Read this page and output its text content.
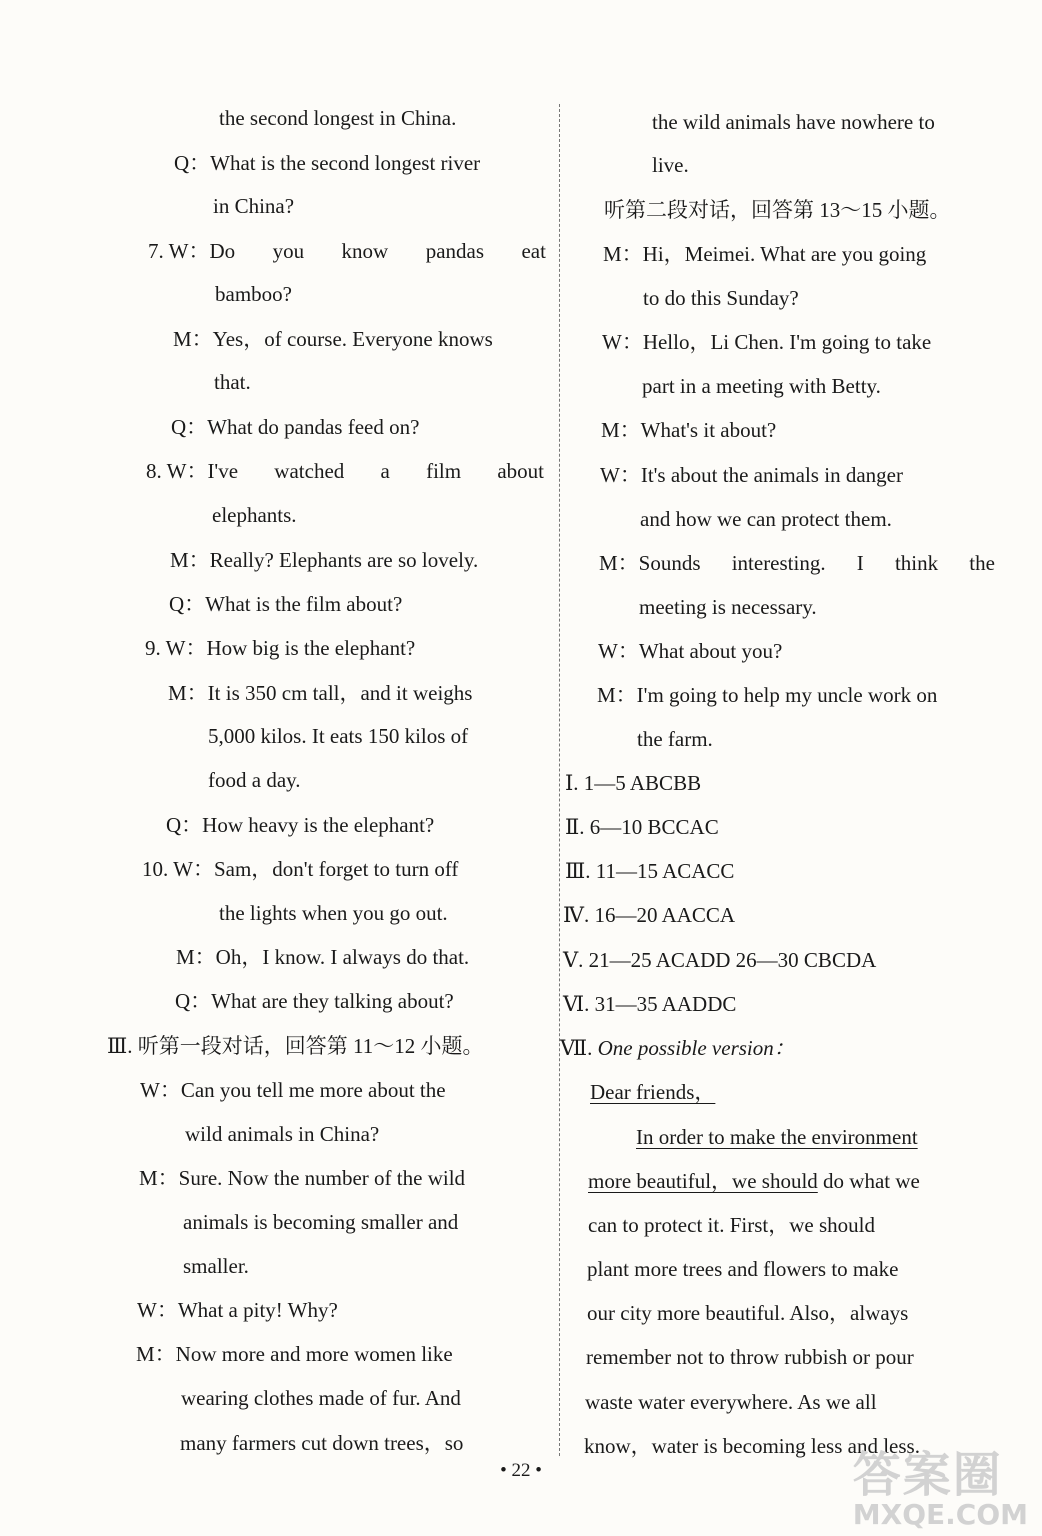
the second longest in China.
Q：What is the second longest river
in China?
7. W：Do you know pandas eat
bamboo?
M：Yes，of course. Everyone knows
that.
Q：What do pandas feed on?
8. W：I've watched a film about
elephants.
M：Really? Elephants are so lovely.
Q：What is the film about?
9. W：How big is the elephant?
M：It is 350 cm tall，and it weighs
5,000 kilos. It eats 150 kilos of
food a day.
Q：How heavy is the elephant?
10. W：Sam，don't forget to turn off
the lights when you go out.
M：Oh，I know. I always do that.
Q：What are they talking about?
Ⅲ. 听第一段对话，回答第 11～12 小题。
W：Can you tell me more about the
wild animals in China?
M：Sure. Now the number of the wild
animals is becoming smaller and
smaller.
W：What a pity! Why?
M：Now more and more women like
wearing clothes made of fur. And
many farmers cut down trees，so
the wild animals have nowhere to
live.
听第二段对话，回答第 13～15 小题。
M：Hi，Meimei. What are you going
to do this Sunday?
W：Hello，Li Chen. I'm going to take
part in a meeting with Betty.
M：What's it about?
W：It's about the animals in danger
and how we can protect them.
M：Sounds interesting. I think the
meeting is necessary.
W：What about you?
M：I'm going to help my uncle work on
the farm.
Ⅰ. 1—5 ABCBB
Ⅱ. 6—10 BCCAC
Ⅲ. 11—15 ACACC
Ⅳ. 16—20 AACCA
Ⅴ. 21—25 ACADD 26—30 CBCDA
Ⅵ. 31—35 AADDC
Ⅶ. One possible version：
Dear friends，
In order to make the environment
more beautiful，we should do what we
can to protect it. First，we should
plant more trees and flowers to make
our city more beautiful. Also，always
remember not to throw rubbish or pour
waste water everywhere. As we all
know，water is becoming less and less.
• 22 •	答案圈
MXQE.COM
